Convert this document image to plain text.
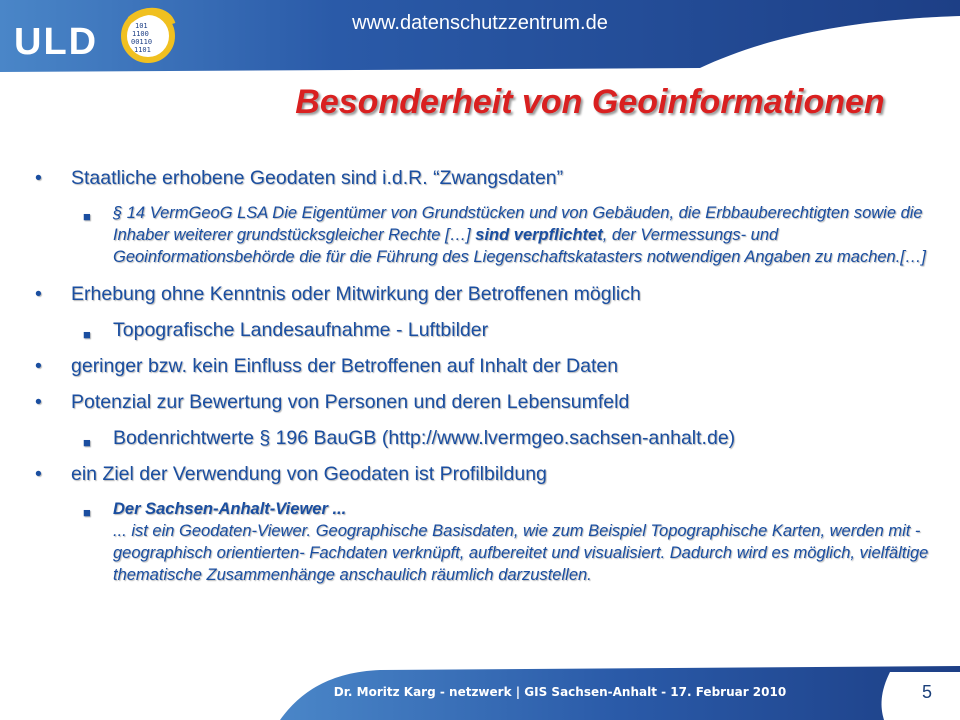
ULD	101
1100
00110
1101
www.datenschutzzentrum.de
Besonderheit von Geoinformationen
• Staatliche erhobene Geodaten sind i.d.R. “Zwangsdaten”
■ § 14 VermGeoG LSA Die Eigentümer von Grundstücken und von Gebäuden, die Erbbauberechtigten sowie die Inhaber weiterer grundstücksgleicher Rechte […] sind verpflichtet, der Vermessungs- und Geoinformationsbehörde die für die Führung des Liegenschaftskatasters notwendigen Angaben zu machen.[…]
• Erhebung ohne Kenntnis oder Mitwirkung der Betroffenen möglich
■ Topografische Landesaufnahme - Luftbilder
• geringer bzw. kein Einfluss der Betroffenen auf Inhalt der Daten
• Potenzial zur Bewertung von Personen und deren Lebensumfeld
■ Bodenrichtwerte § 196 BauGB (http://www.lvermgeo.sachsen-anhalt.de)
• ein Ziel der Verwendung von Geodaten ist Profilbildung
■ Der Sachsen-Anhalt-Viewer ...
... ist ein Geodaten-Viewer. Geographische Basisdaten, wie zum Beispiel Topographische Karten, werden mit -geographisch orientierten- Fachdaten verknüpft, aufbereitet und visualisiert. Dadurch wird es möglich, vielfältige thematische Zusammenhänge anschaulich räumlich darzustellen.
Dr. Moritz Karg - netzwerk | GIS Sachsen-Anhalt - 17. Februar 2010	5
